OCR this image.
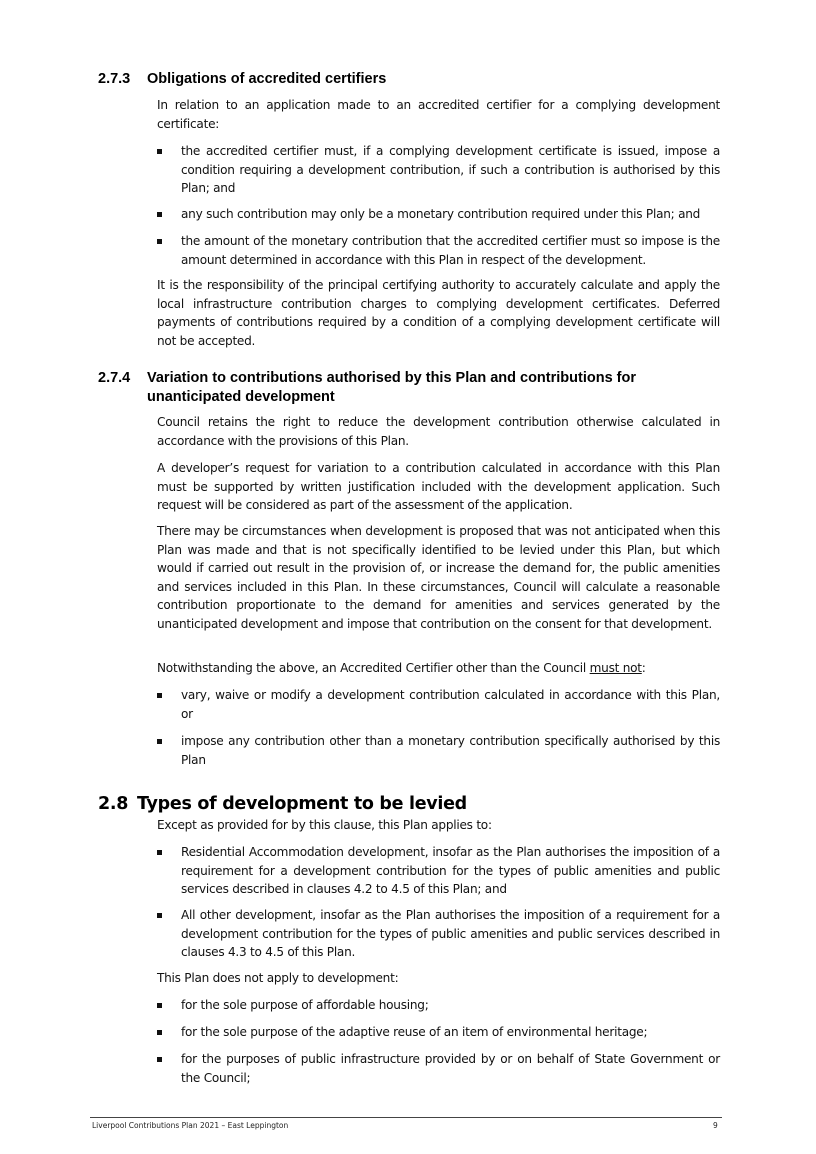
2.7.3 Obligations of accredited certifiers
In relation to an application made to an accredited certifier for a complying development certificate:
the accredited certifier must, if a complying development certificate is issued, impose a condition requiring a development contribution, if such a contribution is authorised by this Plan; and
any such contribution may only be a monetary contribution required under this Plan; and
the amount of the monetary contribution that the accredited certifier must so impose is the amount determined in accordance with this Plan in respect of the development.
It is the responsibility of the principal certifying authority to accurately calculate and apply the local infrastructure contribution charges to complying development certificates. Deferred payments of contributions required by a condition of a complying development certificate will not be accepted.
2.7.4 Variation to contributions authorised by this Plan and contributions for unanticipated development
Council retains the right to reduce the development contribution otherwise calculated in accordance with the provisions of this Plan.
A developer’s request for variation to a contribution calculated in accordance with this Plan must be supported by written justification included with the development application. Such request will be considered as part of the assessment of the application.
There may be circumstances when development is proposed that was not anticipated when this Plan was made and that is not specifically identified to be levied under this Plan, but which would if carried out result in the provision of, or increase the demand for, the public amenities and services included in this Plan. In these circumstances, Council will calculate a reasonable contribution proportionate to the demand for amenities and services generated by the unanticipated development and impose that contribution on the consent for that development.
Notwithstanding the above, an Accredited Certifier other than the Council must not:
vary, waive or modify a development contribution calculated in accordance with this Plan, or
impose any contribution other than a monetary contribution specifically authorised by this Plan
2.8 Types of development to be levied
Except as provided for by this clause, this Plan applies to:
Residential Accommodation development, insofar as the Plan authorises the imposition of a requirement for a development contribution for the types of public amenities and public services described in clauses 4.2 to 4.5 of this Plan; and
All other development, insofar as the Plan authorises the imposition of a requirement for a development contribution for the types of public amenities and public services described in clauses 4.3 to 4.5 of this Plan.
This Plan does not apply to development:
for the sole purpose of affordable housing;
for the sole purpose of the adaptive reuse of an item of environmental heritage;
for the purposes of public infrastructure provided by or on behalf of State Government or the Council;
Liverpool Contributions Plan 2021 – East Leppington	9
